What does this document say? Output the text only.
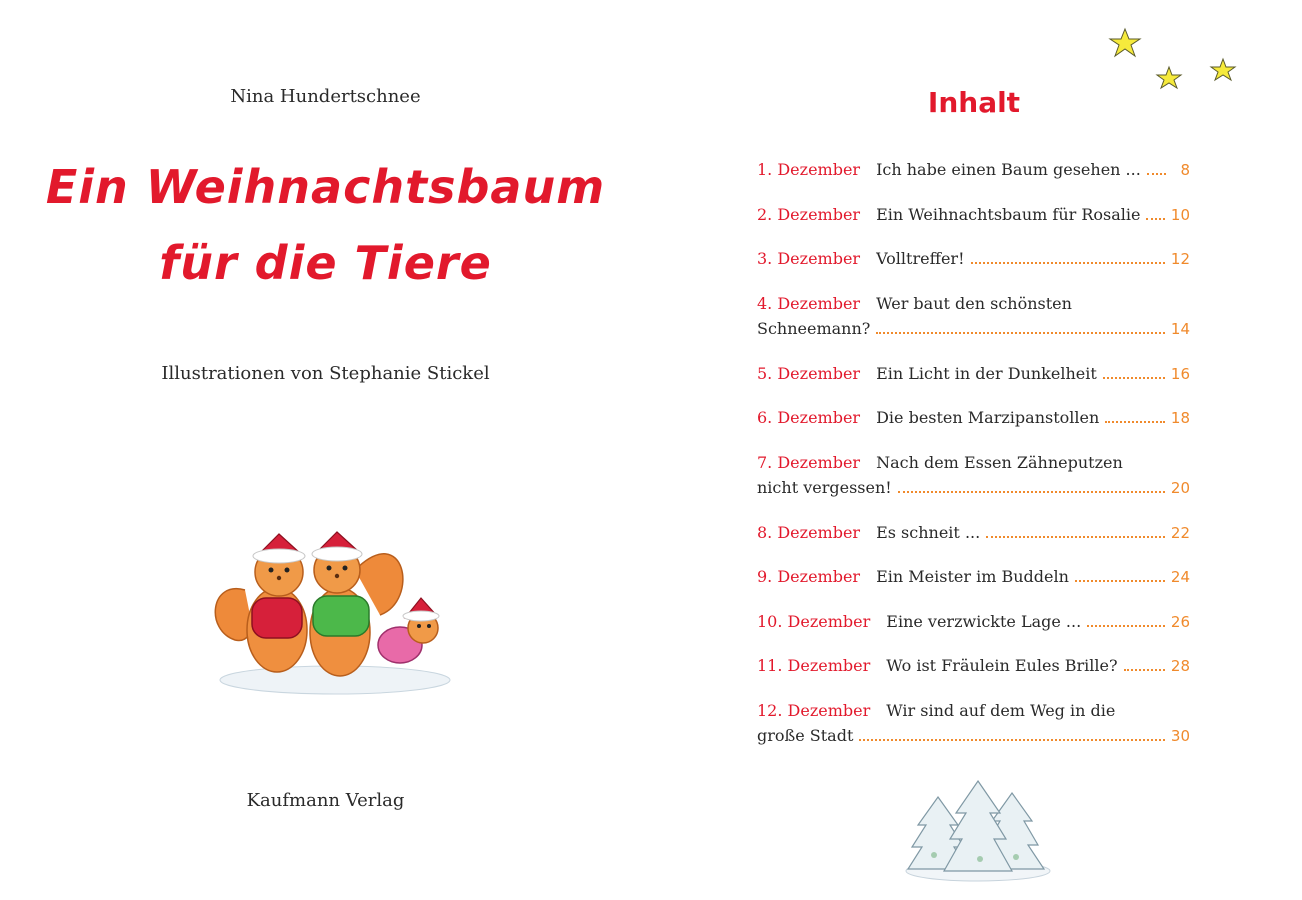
Nina Hundertschnee
Ein Weihnachtsbaum
für die Tiere
Illustrationen von Stephanie Stickel
Kaufmann Verlag
Inhalt
1. Dezember Ich habe einen Baum gesehen ...	8
2. Dezember Ein Weihnachtsbaum für Rosalie 10
3. Dezember Volltreffer!	12
4. Dezember Wer baut den schönsten
Schneemann?	14
5. Dezember Ein Licht in der Dunkelheit	16
6. Dezember Die besten Marzipanstollen	18
7. Dezember Nach dem Essen Zähneputzen
nicht vergessen!	20
8. Dezember Es schneit ...	22
9. Dezember Ein Meister im Buddeln	24
10. Dezember Eine verzwickte Lage ...	26
11. Dezember Wo ist Fräulein Eules Brille?	28
12. Dezember Wir sind auf dem Weg in die
große Stadt	30
